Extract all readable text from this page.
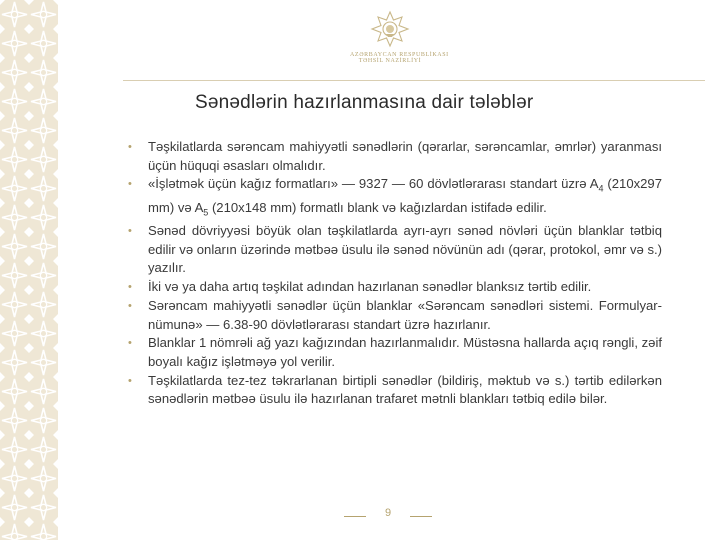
AZƏRBAYCAN RESPUBLİKASI
TƏHSİL NAZİRLİYİ
Sənədlərin hazırlanmasına dair tələblər
• Təşkilatlarda sərəncam mahiyyətli sənədlərin (qərarlar, sərəncamlar, əmrlər) yaranması üçün hüquqi əsasları olmalıdır.
• «İşlətmək üçün kağız formatları» — 9327 — 60 dövlətlərarası standart üzrə $A_4$ (210x297 mm) və $A_5$ (210x148 mm) formatlı blank və kağızlardan istifadə edilir.
• Sənəd dövriyyəsi böyük olan təşkilatlarda ayrı-ayrı sənəd növləri üçün blanklar tətbiq edilir və onların üzərində mətbəə üsulu ilə sənəd növünün adı (qərar, protokol, əmr və s.) yazılır.
• İki və ya daha artıq təşkilat adından hazırlanan sənədlər blanksız tərtib edilir.
• Sərəncam mahiyyətli sənədlər üçün blanklar «Sərəncam sənədləri sistemi. Formulyar-nümunə» — 6.38-90 dövlətlərarası standart üzrə hazırlanır.
• Blanklar 1 nömrəli ağ yazı kağızından hazırlanmalıdır. Müstəsna hallarda açıq rəngli, zəif boyalı kağız işlətməyə yol verilir.
• Təşkilatlarda tez-tez təkrarlanan birtipli sənədlər (bildiriş, məktub və s.) tərtib edilərkən sənədlərin mətbəə üsulu ilə hazırlanan trafaret mətnli blankları tətbiq edilə bilər.
9
